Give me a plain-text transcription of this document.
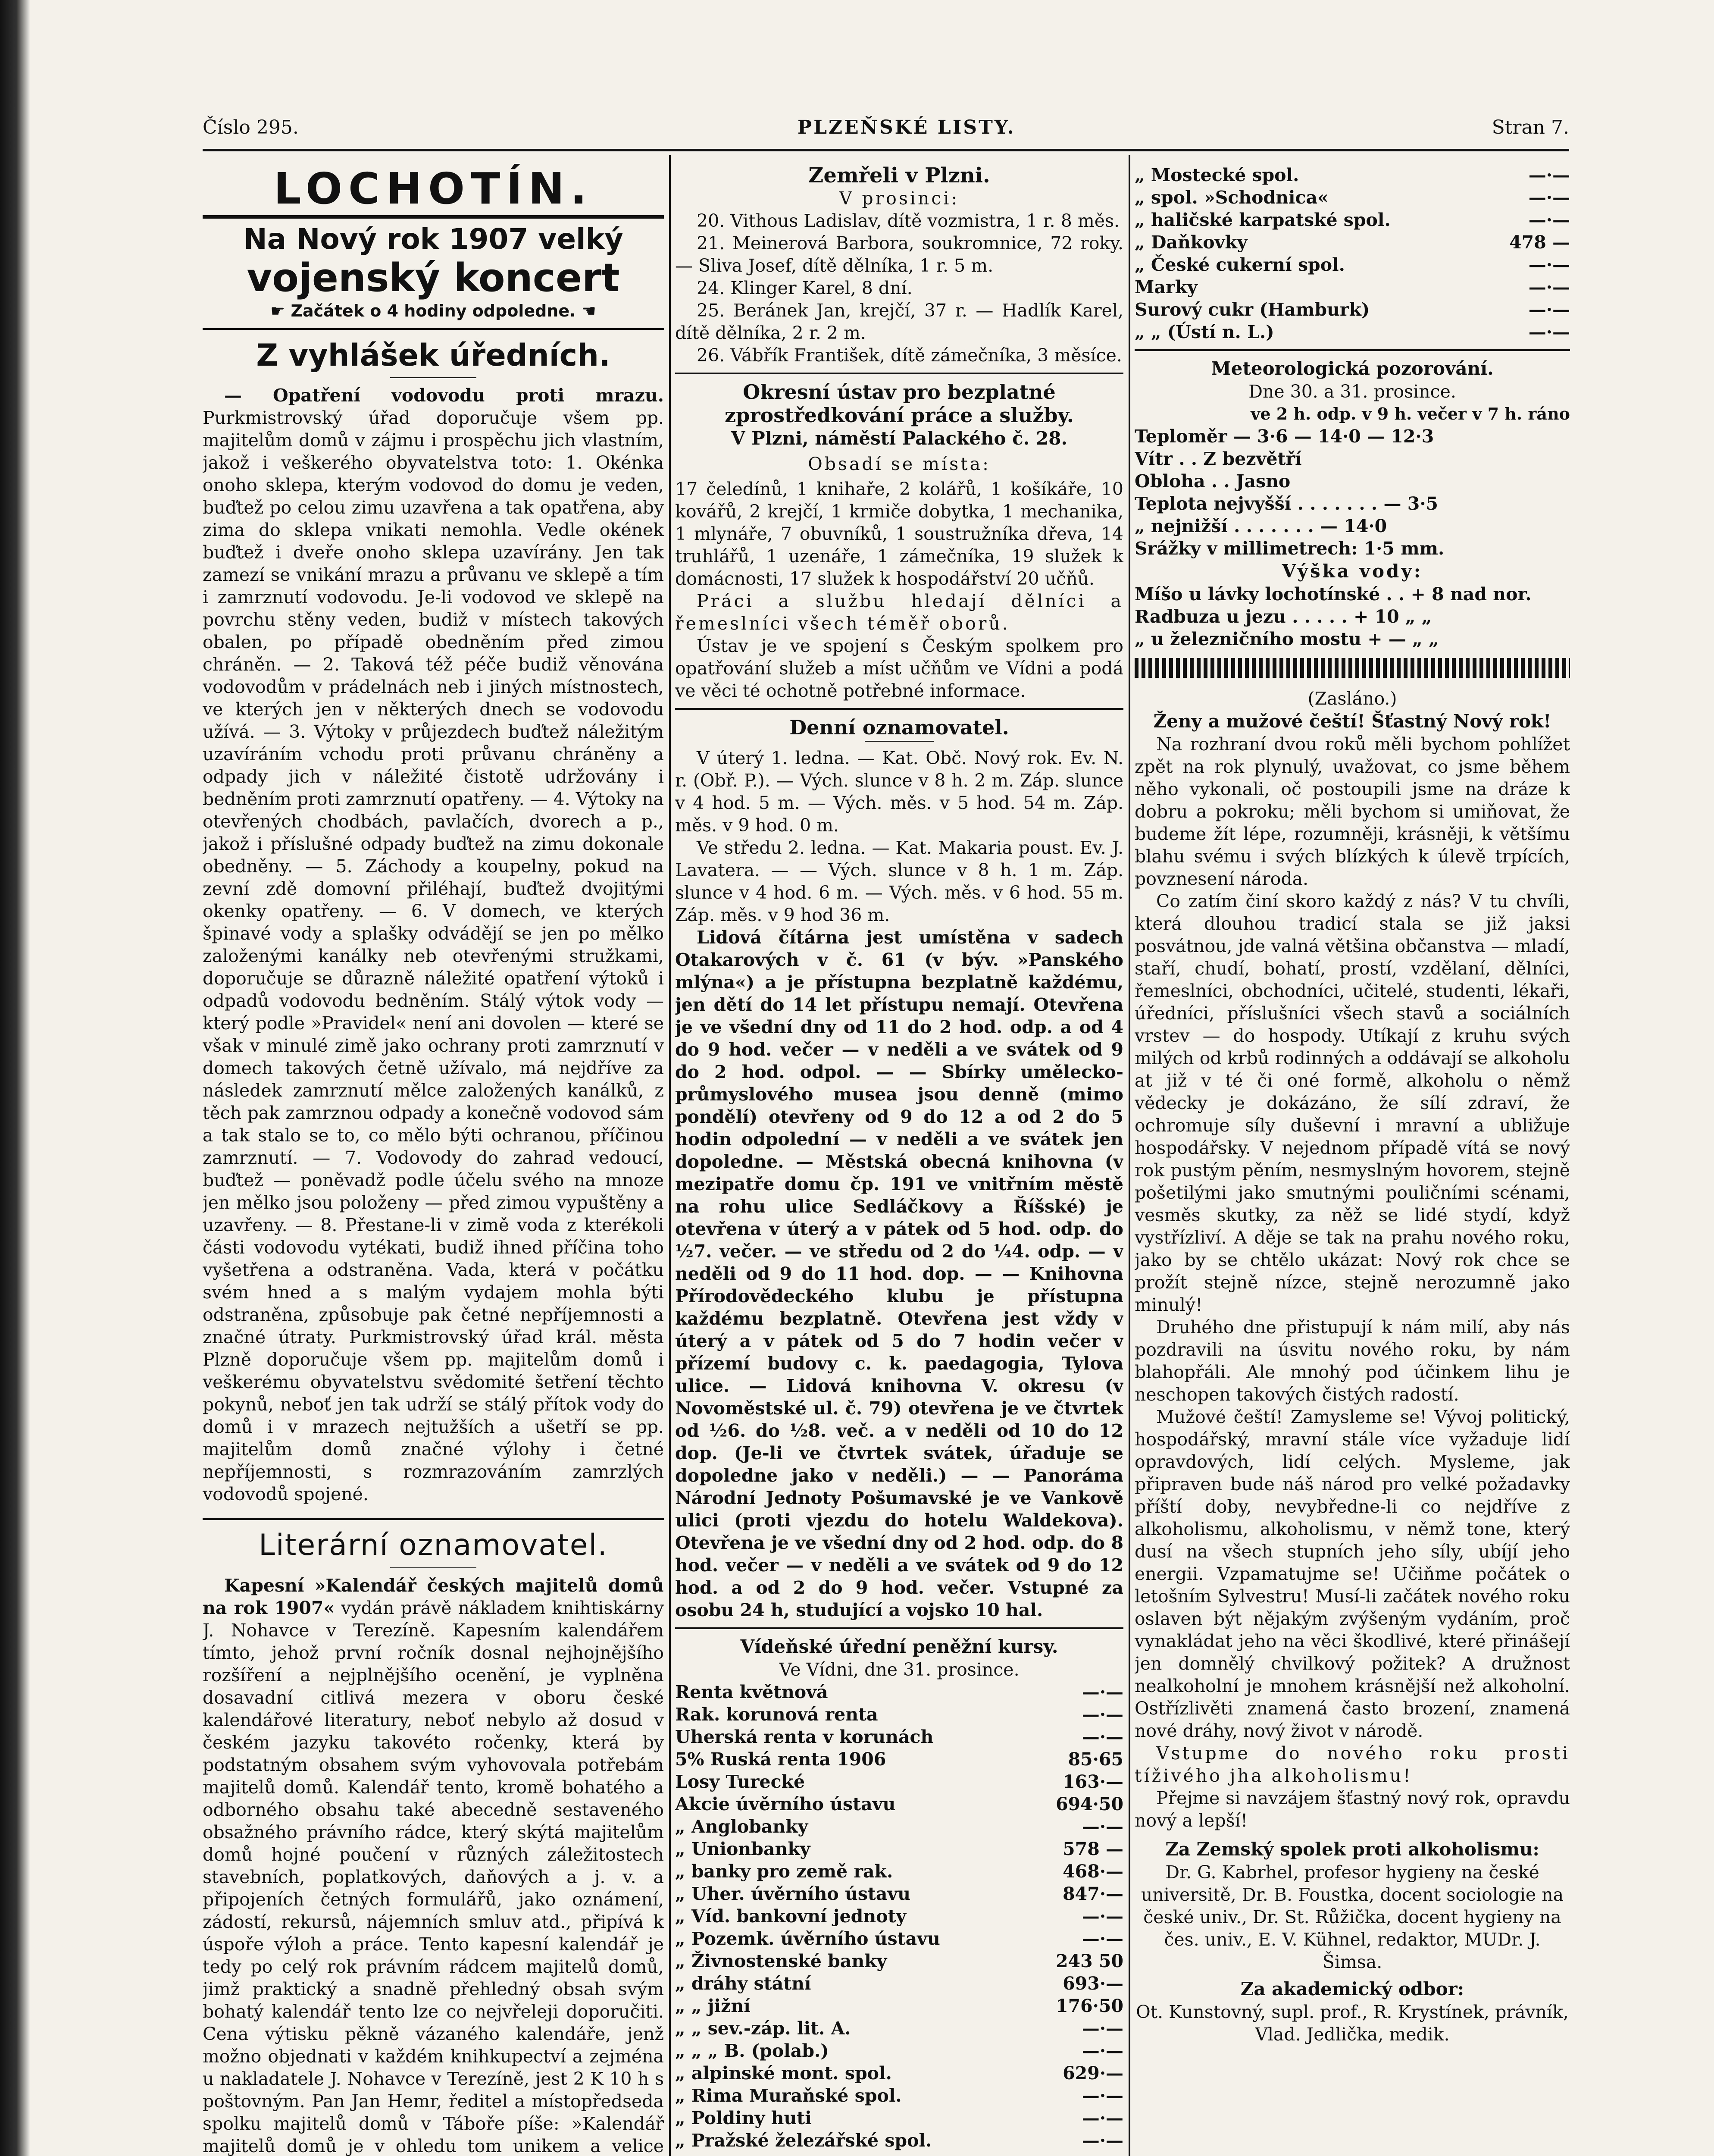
Číslo 295.	PLZEŇSKÉ LISTY.	Stran 7.
LOCHOTÍN.
Na Nový rok 1907 velký
vojenský koncert
☛ Začátek o 4 hodiny odpoledne. ☚
Z vyhlášek úředních.

— Opatření vodovodu proti mrazu. Purkmistrovský úřad doporučuje všem pp. majitelům domů v zájmu i prospěchu jich vlastním, jakož i veškerého obyvatelstva toto: 1. Okénka onoho sklepa, kterým vodovod do domu je veden, buďtež po celou zimu uzavřena a tak opatřena, aby zima do sklepa vnikati nemohla. Vedle okének buďtež i dveře onoho sklepa uzavírány. Jen tak zamezí se vnikání mrazu a průvanu ve sklepě a tím i zamrznutí vodovodu. Je-li vodovod ve sklepě na povrchu stěny veden, budiž v místech takových obalen, po případě obedněním před zimou chráněn. — 2. Taková též péče budiž věnována vodovodům v prádelnách neb i jiných místnostech, ve kterých jen v některých dnech se vodovodu užívá. — 3. Výtoky v průjezdech buďtež náležitým uzavíráním vchodu proti průvanu chráněny a odpady jich v náležité čistotě udržovány i bedněním proti zamrznutí opatřeny. — 4. Výtoky na otevřených chodbách, pavlačích, dvorech a p., jakož i příslušné odpady buďtež na zimu dokonale obedněny. — 5. Záchody a koupelny, pokud na zevní zdě domovní přiléhají, buďtež dvojitými okenky opatřeny. — 6. V domech, ve kterých špinavé vody a splašky odvádějí se jen po mělko založenými kanálky neb otevřenými stružkami, doporučuje se důrazně náležité opatření výtoků i odpadů vodovodu bedněním. Stálý výtok vody — který podle »Pravidel« není ani dovolen — které se však v minulé zimě jako ochrany proti zamrznutí v domech takových četně užívalo, má nejdříve za následek zamrznutí mělce založených kanálků, z těch pak zamrznou odpady a konečně vodovod sám a tak stalo se to, co mělo býti ochranou, příčinou zamrznutí. — 7. Vodovody do zahrad vedoucí, buďtež — poněvadž podle účelu svého na mnoze jen mělko jsou položeny — před zimou vypuštěny a uzavřeny. — 8. Přestane-li v zimě voda z kterékoli části vodovodu vytékati, budiž ihned příčina toho vyšetřena a odstraněna. Vada, která v počátku svém hned a s malým vydajem mohla býti odstraněna, způsobuje pak četné nepříjemnosti a značné útraty. Purkmistrovský úřad král. města Plzně doporučuje všem pp. majitelům domů i veškerému obyvatelstvu svědomité šetření těchto pokynů, neboť jen tak udrží se stálý přítok vody do domů i v mrazech nejtužších a ušetří se pp. majitelům domů značné výlohy i četné nepříjemnosti, s rozmrazováním zamrzlých vodovodů spojené.

Literární oznamovatel.

Kapesní »Kalendář českých majitelů domů na rok 1907« vydán právě nákladem knihtiskárny J. Nohavce v Terezíně. Kapesním kalendářem tímto, jehož první ročník dosnal nejhojnějšího rozšíření a nejplnějšího ocenění, je vyplněna dosavadní citlivá mezera v oboru české kalendářové literatury, neboť nebylo až dosud v českém jazyku takovéto ročenky, která by podstatným obsahem svým vyhovovala potřebám majitelů domů. Kalendář tento, kromě bohatého a odborného obsahu také abecedně sestaveného obsažného právního rádce, který skýtá majitelům domů hojné poučení v různých záležitostech stavebních, poplatkových, daňových a j. v. a připojeních četných formulářů, jako oznámení, zádostí, rekursů, nájemních smluv atd., připívá k úspoře výloh a práce. Tento kapesní kalendář je tedy po celý rok právním rádcem majitelů domů, jimž praktický a snadně přehledný obsah svým bohatý kalendář tento lze co nejvřeleji doporučiti. Cena výtisku pěkně vázaného kalendáře, jenž možno objednati v každém knihkupectví a zejména u nakladatele J. Nohavce v Terezíně, jest 2 K 10 h s poštovným. Pan Jan Hemr, ředitel a místopředseda spolku majitelů domů v Táboře píše: »Kalendář majitelů domů je v ohledu tom unikem a velice

Zemřeli v Plzni.
V prosinci:

20. Vithous Ladislav, dítě vozmistra, 1 r. 8 měs.

21. Meinerová Barbora, soukromnice, 72 roky. — Sliva Josef, dítě dělníka, 1 r. 5 m.

24. Klinger Karel, 8 dní.

25. Beránek Jan, krejčí, 37 r. — Hadlík Karel, dítě dělníka, 2 r. 2 m.

26. Vábřík František, dítě zámečníka, 3 měsíce.

Okresní ústav pro bezplatné zprostředkování práce a služby.
V Plzni, náměstí Palackého č. 28.
Obsadí se místa:

17 čeledínů, 1 knihaře, 2 kolářů, 1 košíkáře, 10 kovářů, 2 krejčí, 1 krmiče dobytka, 1 mechanika, 1 mlynáře, 7 obuvníků, 1 soustružníka dřeva, 14 truhlářů, 1 uzenáře, 1 zámečníka, 19 služek k domácnosti, 17 služek k hospodářství 20 učňů.

Práci a službu hledají dělníci a řemeslníci všech téměř oborů.

Ústav je ve spojení s Českým spolkem pro opatřování služeb a míst učňům ve Vídni a podá ve věci té ochotně potřebné informace.

Denní oznamovatel.

V úterý 1. ledna. — Kat. Obč. Nový rok. Ev. N. r. (Obř. P.). — Vých. slunce v 8 h. 2 m. Záp. slunce v 4 hod. 5 m. — Vých. měs. v 5 hod. 54 m. Záp. měs. v 9 hod. 0 m.

Ve středu 2. ledna. — Kat. Makaria poust. Ev. J. Lavatera. — — Vých. slunce v 8 h. 1 m. Záp. slunce v 4 hod. 6 m. — Vých. měs. v 6 hod. 55 m. Záp. měs. v 9 hod 36 m.

Lidová čítárna jest umístěna v sadech Otakarových v č. 61 (v býv. »Panského mlýna«) a je přístupna bezplatně každému, jen dětí do 14 let přístupu nemají. Otevřena je ve všední dny od 11 do 2 hod. odp. a od 4 do 9 hod. večer — v neděli a ve svátek od 9 do 2 hod. odpol. — — Sbírky umělecko-průmyslového musea jsou denně (mimo pondělí) otevřeny od 9 do 12 a od 2 do 5 hodin odpolední — v neděli a ve svátek jen dopoledne. — Městská obecná knihovna (v mezipatře domu čp. 191 ve vnitřním městě na rohu ulice Sedláčkovy a Říšské) je otevřena v úterý a v pátek od 5 hod. odp. do ½7. večer. — ve středu od 2 do ¼4. odp. — v neděli od 9 do 11 hod. dop. — — Knihovna Přírodovědeckého klubu je přístupna každému bezplatně. Otevřena jest vždy v úterý a v pátek od 5 do 7 hodin večer v přízemí budovy c. k. paedagogia, Tylova ulice. — Lidová knihovna V. okresu (v Novoměstské ul. č. 79) otevřena je ve čtvrtek od ½6. do ½8. več. a v neděli od 10 do 12 dop. (Je-li ve čtvrtek svátek, úřaduje se dopoledne jako v neděli.) — — Panoráma Národní Jednoty Pošumavské je ve Vankově ulici (proti vjezdu do hotelu Waldekova). Otevřena je ve všední dny od 2 hod. odp. do 8 hod. večer — v neděli a ve svátek od 9 do 12 hod. a od 2 do 9 hod. večer. Vstupné za osobu 24 h, studující a vojsko 10 hal.

Vídeňské úřední peněžní kursy.
Ve Vídni, dne 31. prosince.
Renta květnová	—·—
Rak. korunová renta	—·—
Uherská renta v korunách	—·—
5% Ruská renta 1906	85·65
Losy Turecké	163·—
Akcie úvěrního ústavu	694·50
„ Anglobanky	—·—
„ Unionbanky	578 —
„ banky pro země rak.	468·—
„ Uher. úvěrního ústavu	847·—
„ Víd. bankovní jednoty	—·—
„ Pozemk. úvěrního ústavu	—·—
„ Živnostenské banky	243 50
„ dráhy státní	693·—
„ „ jižní	176·50
„ „ sev.-záp. lit. A.	—·—
„ „ „ B. (polab.)	—·—
„ alpinské mont. spol.	629·—
„ Rima Muraňské spol.	—·—
„ Poldiny huti	—·—
„ Pražské železářské spol.	—·—
„ Mostecké spol.	—·—
„ spol. »Schodnica«	—·—
„ haličské karpatské spol.	—·—
„ Daňkovky	478 —
„ České cukerní spol.	—·—
Marky	—·—
Surový cukr (Hamburk)	—·—
„ „ (Ústí n. L.)	—·—
Meteorologická pozorování.
Dne 30. a 31. prosince.
ve 2 h. odp. v 9 h. večer v 7 h. ráno
Teploměr — 3·6 — 14·0 — 12·3
Vítr . . Z bezvětří
Obloha . . Jasno
Teplota nejvyšší . . . . . . . — 3·5
„ nejnižší . . . . . . . — 14·0
Srážky v millimetrech: 1·5 mm.
Výška vody:
Míšo u lávky lochotínské . . + 8 nad nor.
Radbuza u jezu . . . . . + 10 „ „
„ u železničního mostu + — „ „
(Zasláno.)
Ženy a mužové čeští! Šťastný Nový rok!

Na rozhraní dvou roků měli bychom pohlížet zpět na rok plynulý, uvažovat, co jsme během něho vykonali, oč postoupili jsme na dráze k dobru a pokroku; měli bychom si umiňovat, že budeme žít lépe, rozumněji, krásněji, k většímu blahu svému i svých blízkých k úlevě trpících, povznesení národa.

Co zatím činí skoro každý z nás? V tu chvíli, která dlouhou tradicí stala se již jaksi posvátnou, jde valná většina občanstva — mladí, staří, chudí, bohatí, prostí, vzdělaní, dělníci, řemeslníci, obchodníci, učitelé, studenti, lékaři, úředníci, příslušníci všech stavů a sociálních vrstev — do hospody. Utíkají z kruhu svých milých od krbů rodinných a oddávají se alkoholu at již v té či oné formě, alkoholu o němž vědecky je dokázáno, že sílí zdraví, že ochromuje síly duševní i mravní a ubližuje hospodářsky. V nejednom případě vítá se nový rok pustým pěním, nesmyslným hovorem, stejně pošetilými jako smutnými pouličními scénami, vesměs skutky, za něž se lidé stydí, když vystřízliví. A děje se tak na prahu nového roku, jako by se chtělo ukázat: Nový rok chce se prožít stejně nízce, stejně nerozumně jako minulý!

Druhého dne přistupují k nám milí, aby nás pozdravili na úsvitu nového roku, by nám blahopřáli. Ale mnohý pod účinkem lihu je neschopen takových čistých radostí.

Mužové čeští! Zamysleme se! Vývoj politický, hospodářský, mravní stále více vyžaduje lidí opravdových, lidí celých. Mysleme, jak připraven bude náš národ pro velké požadavky příští doby, nevybředne-li co nejdříve z alkoholismu, alkoholismu, v němž tone, který dusí na všech stupních jeho síly, ubíjí jeho energii. Vzpamatujme se! Učiňme počátek o letošním Sylvestru! Musí-li začátek nového roku oslaven být nějakým zvýšeným vydáním, proč vynakládat jeho na věci škodlivé, které přinášejí jen domnělý chvilkový požitek? A družnost nealkoholní je mnohem krásnější než alkoholní. Ostřízlivěti znamená často brození, znamená nové dráhy, nový život v národě.

Vstupme do nového roku prosti tíživého jha alkoholismu!

Přejme si navzájem šťastný nový rok, opravdu nový a lepší!

Za Zemský spolek proti alkoholismu:

Dr. G. Kabrhel, profesor hygieny na české universitě, Dr. B. Foustka, docent sociologie na české univ., Dr. St. Růžička, docent hygieny na čes. univ., E. V. Kühnel, redaktor, MUDr. J. Šimsa.

Za akademický odbor:

Ot. Kunstovný, supl. prof., R. Krystínek, právník, Vlad. Jedlička, medik.
